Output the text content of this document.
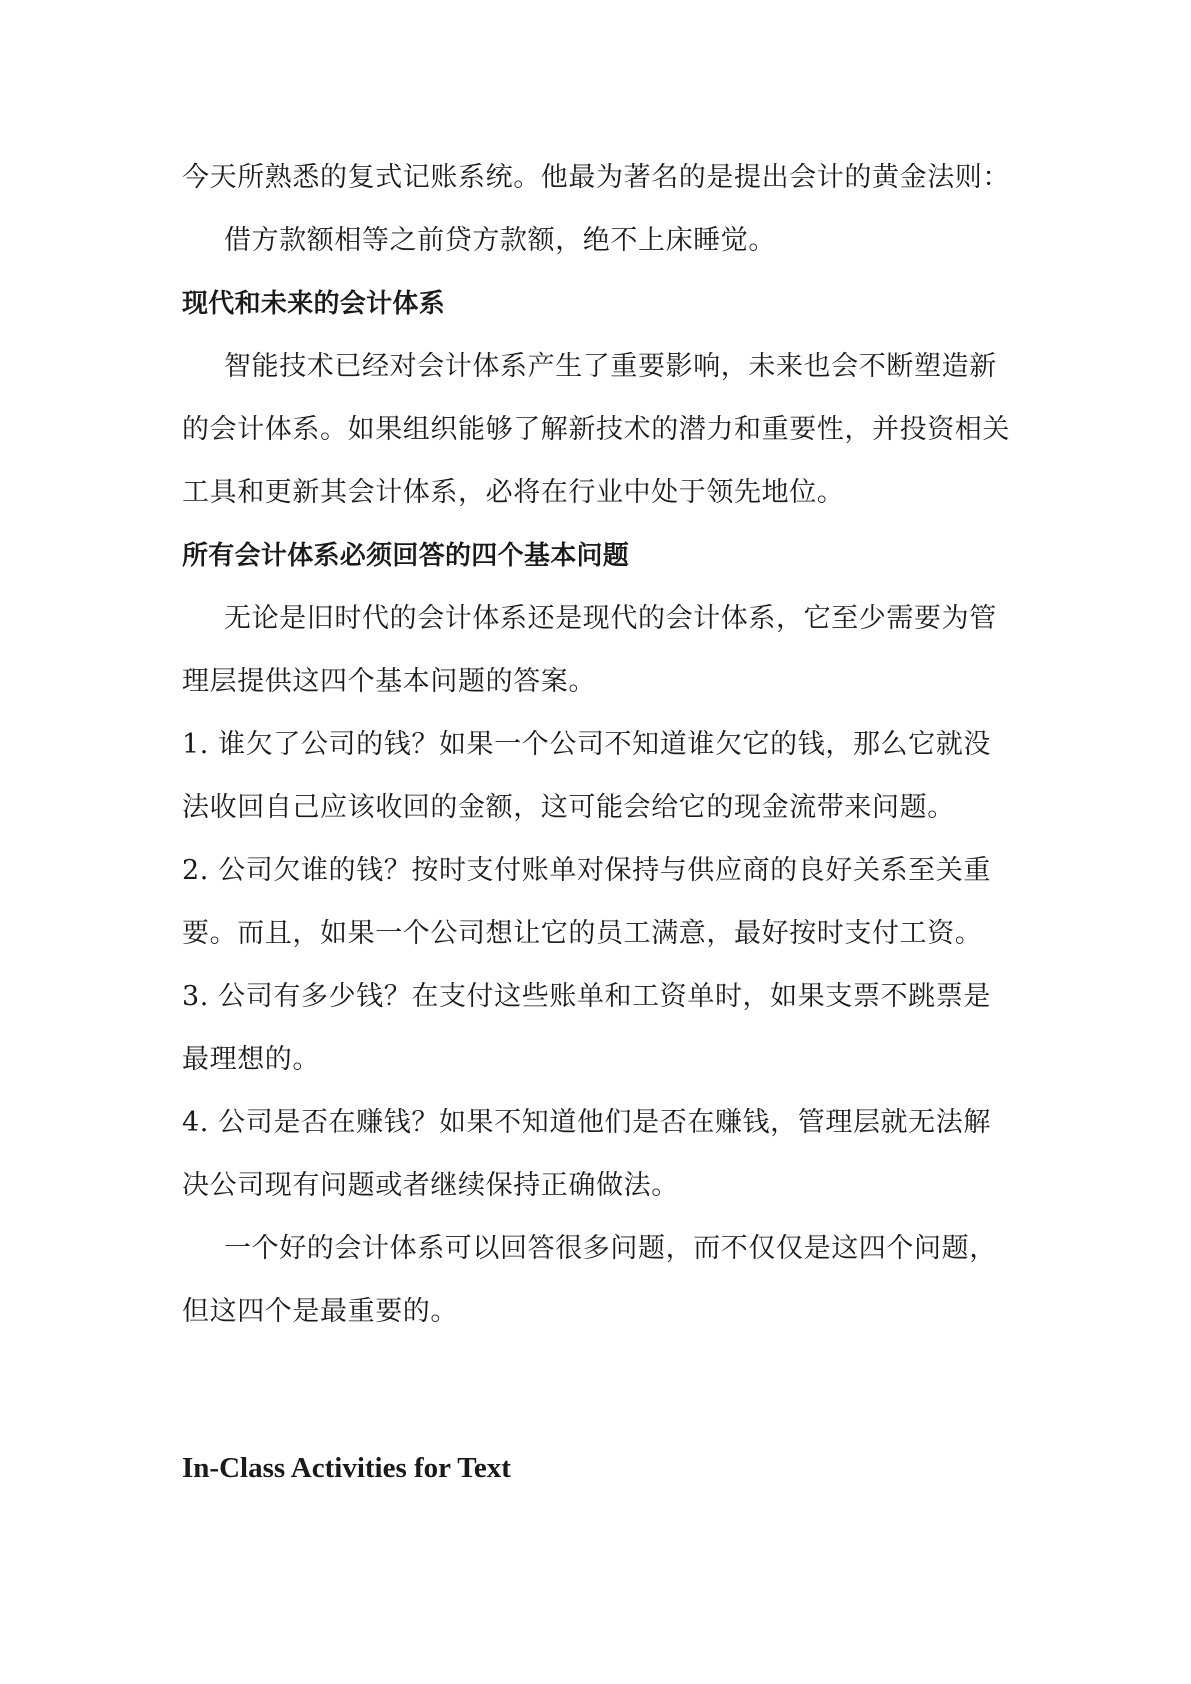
今天所熟悉的复式记账系统。他最为著名的是提出会计的黄金法则：
借方款额相等之前贷方款额，绝不上床睡觉。
现代和未来的会计体系
智能技术已经对会计体系产生了重要影响，未来也会不断塑造新
的会计体系。如果组织能够了解新技术的潜力和重要性，并投资相关
工具和更新其会计体系，必将在行业中处于领先地位。
所有会计体系必须回答的四个基本问题
无论是旧时代的会计体系还是现代的会计体系，它至少需要为管
理层提供这四个基本问题的答案。
1. 谁欠了公司的钱？如果一个公司不知道谁欠它的钱，那么它就没
法收回自己应该收回的金额，这可能会给它的现金流带来问题。
2. 公司欠谁的钱？按时支付账单对保持与供应商的良好关系至关重
要。而且，如果一个公司想让它的员工满意，最好按时支付工资。
3. 公司有多少钱？在支付这些账单和工资单时，如果支票不跳票是
最理想的。
4. 公司是否在赚钱？如果不知道他们是否在赚钱，管理层就无法解
决公司现有问题或者继续保持正确做法。
一个好的会计体系可以回答很多问题，而不仅仅是这四个问题，
但这四个是最重要的。
In-Class Activities for Text
